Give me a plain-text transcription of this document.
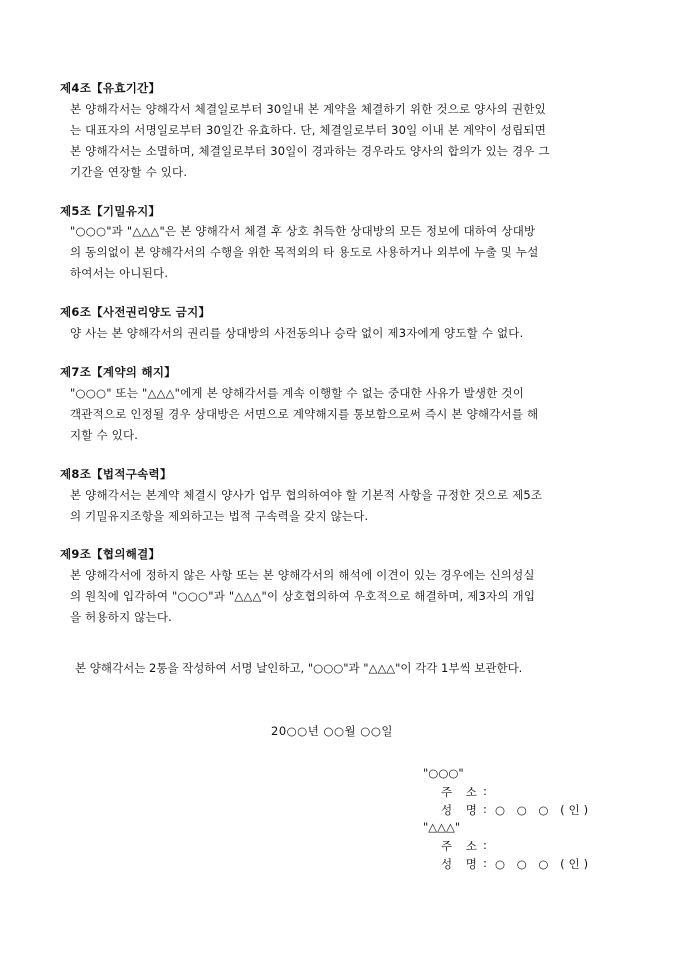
제4조【유효기간】
본 양해각서는 양해각서 체결일로부터 30일내 본 계약을 체결하기 위한 것으로 양사의 권한있
는 대표자의 서명일로부터 30일간 유효하다. 단, 체결일로부터 30일 이내 본 계약이 성립되면
본 양해각서는 소멸하며, 체결일로부터 30일이 경과하는 경우라도 양사의 합의가 있는 경우 그
기간을 연장할 수 있다.
제5조【기밀유지】
"○○○"과 "△△△"은 본 양해각서 체결 후 상호 취득한 상대방의 모든 정보에 대하여 상대방
의 동의없이 본 양해각서의 수행을 위한 목적외의 타 용도로 사용하거나 외부에 누출 및 누설
하여서는 아니된다.
제6조【사전권리양도 금지】
양 사는 본 양해각서의 권리를 상대방의 사전동의나 승락 없이 제3자에게 양도할 수 없다.
제7조【계약의 해지】
"○○○" 또는 "△△△"에게 본 양해각서를 계속 이행할 수 없는 중대한 사유가 발생한 것이
객관적으로 인정될 경우 상대방은 서면으로 계약해지를 통보함으로써 즉시 본 양해각서를 해
지할 수 있다.
제8조【법적구속력】
본 양해각서는 본계약 체결시 양사가 업무 협의하여야 할 기본적 사항을 규정한 것으로 제5조
의 기밀유지조항을 제외하고는 법적 구속력을 갖지 않는다.
제9조【협의해결】
본 양해각서에 정하지 않은 사항 또는 본 양해각서의 해석에 이견이 있는 경우에는 신의성실
의 원칙에 입각하여 "○○○"과 "△△△"이 상호협의하여 우호적으로 해결하며, 제3자의 개입
을 허용하지 않는다.
본 양해각서는 2통을 작성하여 서명 날인하고, "○○○"과 "△△△"이 각각 1부씩 보관한다.
20○○년 ○○월 ○○일
"○○○"
주 소 :
성 명 : ○ ○ ○ (인)
"△△△"
주 소 :
성 명 : ○ ○ ○ (인)
